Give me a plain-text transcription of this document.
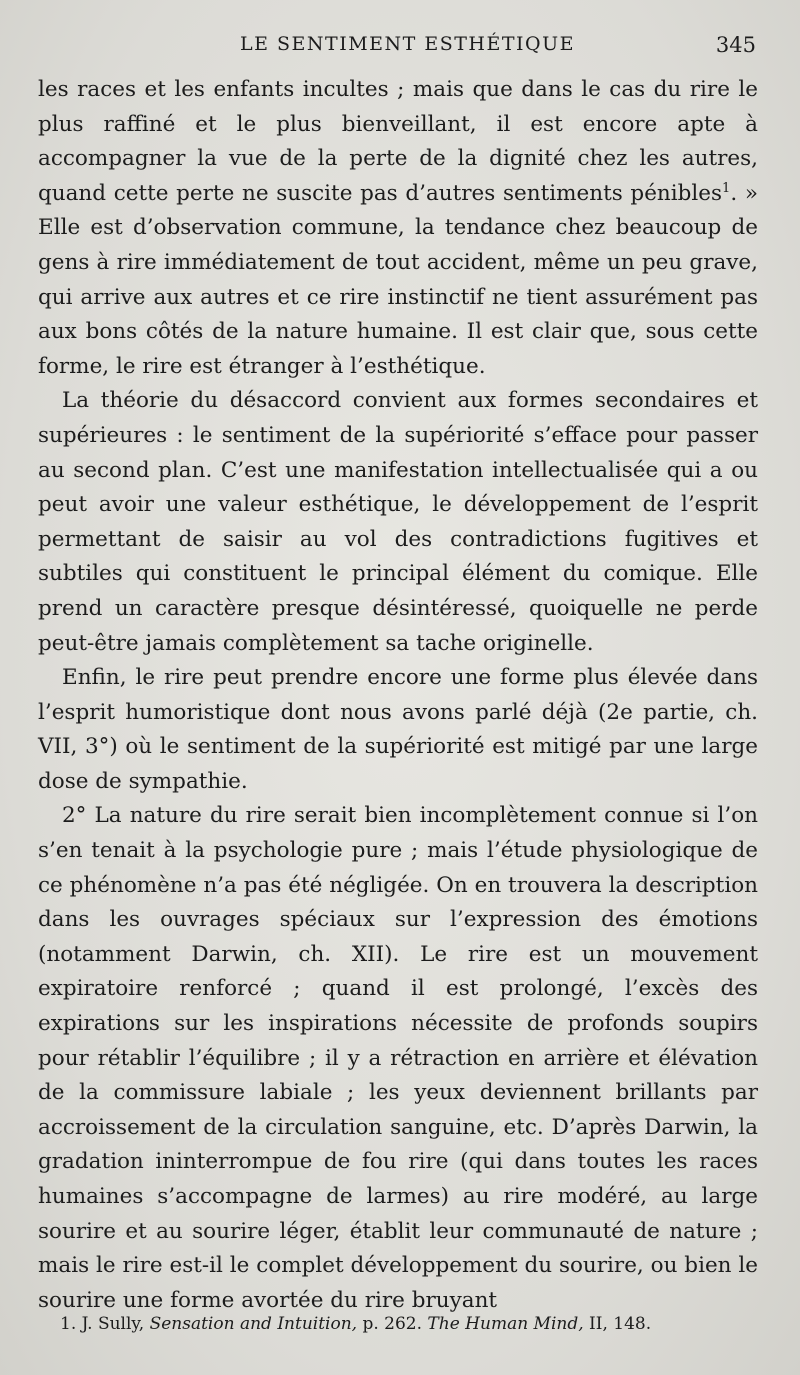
LE SENTIMENT ESTHÉTIQUE	345

les races et les enfants incultes ; mais que dans le cas du rire le plus raffiné et le plus bienveillant, il est encore apte à accompagner la vue de la perte de la dignité chez les autres, quand cette perte ne suscite pas d’autres sentiments pénibles$^1$. » Elle est d’observation commune, la tendance chez beaucoup de gens à rire immédiatement de tout accident, même un peu grave, qui arrive aux autres et ce rire instinctif ne tient assurément pas aux bons côtés de la nature humaine. Il est clair que, sous cette forme, le rire est étranger à l’esthétique.

La théorie du désaccord convient aux formes secondaires et supérieures : le sentiment de la supériorité s’efface pour passer au second plan. C’est une manifestation intellectualisée qui a ou peut avoir une valeur esthétique, le développement de l’esprit permettant de saisir au vol des contradictions fugitives et subtiles qui constituent le principal élément du comique. Elle prend un caractère presque désintéressé, quoiquelle ne perde peut-être jamais complètement sa tache originelle.

Enfin, le rire peut prendre encore une forme plus élevée dans l’esprit humoristique dont nous avons parlé déjà (2e partie, ch. VII, 3°) où le sentiment de la supériorité est mitigé par une large dose de sympathie.

2° La nature du rire serait bien incomplètement connue si l’on s’en tenait à la psychologie pure ; mais l’étude physiologique de ce phénomène n’a pas été négligée. On en trouvera la description dans les ouvrages spéciaux sur l’expression des émotions (notamment Darwin, ch. XII). Le rire est un mouvement expiratoire renforcé ; quand il est prolongé, l’excès des expirations sur les inspirations nécessite de profonds soupirs pour rétablir l’équilibre ; il y a rétraction en arrière et élévation de la commissure labiale ; les yeux deviennent brillants par accroissement de la circulation sanguine, etc. D’après Darwin, la gradation ininterrompue de fou rire (qui dans toutes les races humaines s’accompagne de larmes) au rire modéré, au large sourire et au sourire léger, établit leur communauté de nature ; mais le rire est-il le complet développement du sourire, ou bien le sourire une forme avortée du rire bruyant

1. J. Sully, Sensation and Intuition, p. 262. The Human Mind, II, 148.
